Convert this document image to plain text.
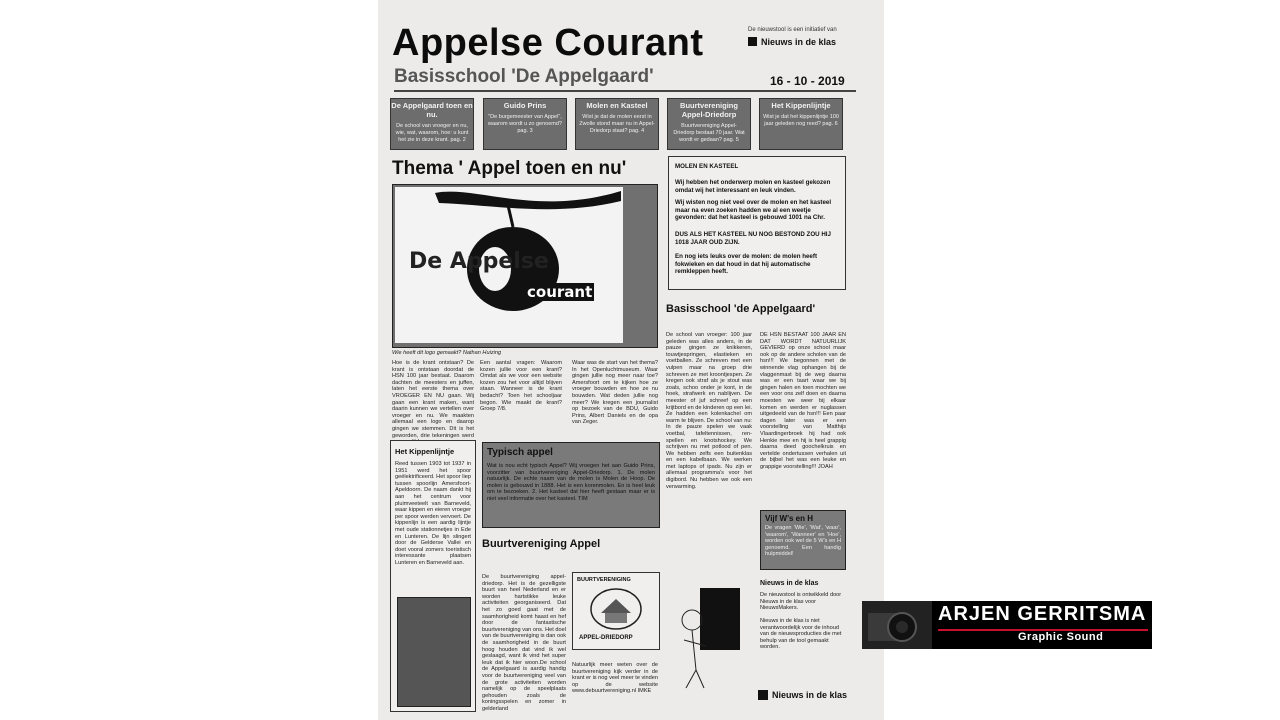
Appelse Courant
Basisschool 'De Appelgaard'	16 - 10 - 2019
De nieuwstool is een initiatief van
Nieuws in de klas
De Appelgaard toen en nu.
De school van vroeger en nu, wie, wat, waarom, hoe: u kunt het zie in deze krant. pag. 2
Guido Prins
"De burgemeester van Appel", waarom wordt u zo genoemd? pag. 3
Molen en Kasteel
Wist je dat de molen eerst in Zwolle stond maar nu in Appel-Driedorp staat? pag. 4
Buurtvereniging Appel-Driedorp
Buurtvereniging Appel-Driedorp bestaat 70 jaar. Wat wordt er gedaan? pag. 5
Het Kippenlijntje
Wist je dat het kippenlijntje 100 jaar geleden nog reed? pag. 6
Thema ' Appel toen en nu'
De Appelse
courant
Wie heeft dit logo gemaakt? Nathan Huizing
Hoe is de krant ontstaan? De krant is ontstaan doordat de HSN 100 jaar bestaat. Daarom dachten de meesters en juffen, laten het eerste thema over VROEGER EN NU gaan. Wij gaan een krant maken, want daarin kunnen we vertellen over vroeger en nu. We maakten allemaal een logo en daarop gingen we stemmen. Dit is het geworden, drie tekeningen werd
Een aantal vragen: Waarom kozen jullie voor een krant? Omdat als we voor een website kozen zou het voor altijd blijven staan. Wanneer is de krant bedacht? Toen het schooljaar begon. Wie maakt de krant? Groep 7/8.
Waar was de start van het thema? In het Openluchtmuseum. Waar gingen jullie nog meer naar toe? Amersfoort om te kijken hoe ze vroeger bouwden en hoe ze nu bouwden. Wat deden jullie nog meer? We kregen een journalist op bezoek van de BDU, Guido Prins, Albert Daniels en de opa van Zeger.
MOLEN EN KASTEEL
Wij hebben het onderwerp molen en kasteel gekozen omdat wij het interessant en leuk vinden.
Wij wisten nog niet veel over de molen en het kasteel maar na even zoeken hadden we al een weetje gevonden: dat het kasteel is gebouwd 1001 na Chr.
DUS ALS HET KASTEEL NU NOG BESTOND ZOU HIJ 1018 JAAR OUD ZIJN.
En nog iets leuks over de molen: de molen heeft fokwieken en dat houd in dat hij automatische remkleppen heeft.
Basisschool 'de Appelgaard'
De school van vroeger: 100 jaar geleden was alles anders, in de pauze gingen ze knikkeren, touwtjespringen, elastieken en voetballen. Ze schreven met een vulpen maar na groep drie schreven ze met kroontjespen. Ze kregen ook straf als je stout was zoals, schoo onder je kont, in de hoek, strafwerk en nablijven. De meester of juf schreef op een krijtbord en de kinderen op een lei. Ze hadden een kolenkachel om warm te blijven. De school van nu: In de pauze spelen we vaak voetbal, tafeltennissen, ren-spellen en knotshockey. We schrijven nu met potlood of pen. We hebben zelfs een buitenklas en een kabelbaan. We werken met laptops of ipads. Nu zijn er allemaal programma's voor het digibord. Nu hebben we ook een verwarming.
DE HSN BESTAAT 100 JAAR EN DAT WORDT NATUURLIJK GEVIERD op onze school maar ook op de andere scholen van de hsn!!! We begonnen met de winnende vlag ophangen bij de vlaggenmast bij de weg daarna was er een taart waar we bij gingen halen en toen mochten we een voor ons zelf doen en daarna moesten we weer bij elkaar komen en werden er nuglassen uitgedeeld van de hsn!!! Een paar dagen later was er een voorstelling van Matthijs Vlaardingerbroek hij had ook Henkie mee en hij is heel grappig daarna deed goochelkruis en vertelde ondertussen verhalen uit de bijbel het was een leuke en grappige voorstelling!!! JOAH
Het Kippenlijntje
Reed tussen 1903 tot 1937 in 1951 werd het spoor geëlektrificeerd. Het spoor liep tussen spoorlijn Amersfoort- Apeldoorn. De naam dankt hij aan het centrum voor pluimveeteelt van Barneveld, waar kippen en eieren vroeger per spoor werden vervoert. De kippenlijn is een aardig lijntje met oude stationnetjes in Ede en Lunteren. De lijn slingert door de Gelderse Vallei en doet vooral zomers toeristisch interessante plaatsen Lunteren en Barneveld aan.
Typisch appel
Wat is nou echt typisch Appel? Wij vroegen het aan Guido Prins, voorzitter van buurtvereniging Appel-Driedorp. 1. De molen natuurlijk. De echte naam van de molen is Molen de Hoop. De molen is gebouwd in 1888. Het is een korenmolen. En is heel leuk om te bezoeken. 2. Het kasteel dat hier heeft gestaan maar er is niet veel informatie over het kasteel. TIM
Buurtvereniging Appel
De buurtvereniging appel-driedorp. Het is de gezelligste buurt van heel Nederland en er worden hartstikke leuke activiteiten georganiseerd. Dat het zo goed gaat met de saamhorigheid komt haast en hef door de fantastische buurtvereniging van ons. Het doel van de buurtvereniging is dan ook de saamhorigheid in de buurt hoog houden dat vind ik wel geslaagd, want ik vind het super leuk dat ik hier woon.De school de Appelgaard is aardig handig voor de buurtvereniging veel van de grote activiteiten worden namelijk op de speelplaats gehouden zoals de koningsspelen en zomer in gelderland
BUURTVERENIGING
APPEL-DRIEDORP
Natuurlijk meer weten over de buurtvereniging kijk verder in de krant er is nog veel meer te vinden op de website www.debuurtvereniging.nl IMKE
Vijf W's en H
De vragen 'Wie', 'Wat', 'waar', 'waarom', 'Wanneer' en 'Hoe', worden ook wel de 5 W's en H genoemd. Een handig hulpmiddel!
Nieuws in de klas
De nieuwstool is ontwikkeld door Nieuws in de klas voor NieuwsMakers.
Nieuws in de klas is niet verantwoordelijk voor de inhoud van de nieuwsproducties die met behulp van de tool gemaakt worden.
Nieuws in de klas
ARJEN GERRITSMA
Graphic Sound
